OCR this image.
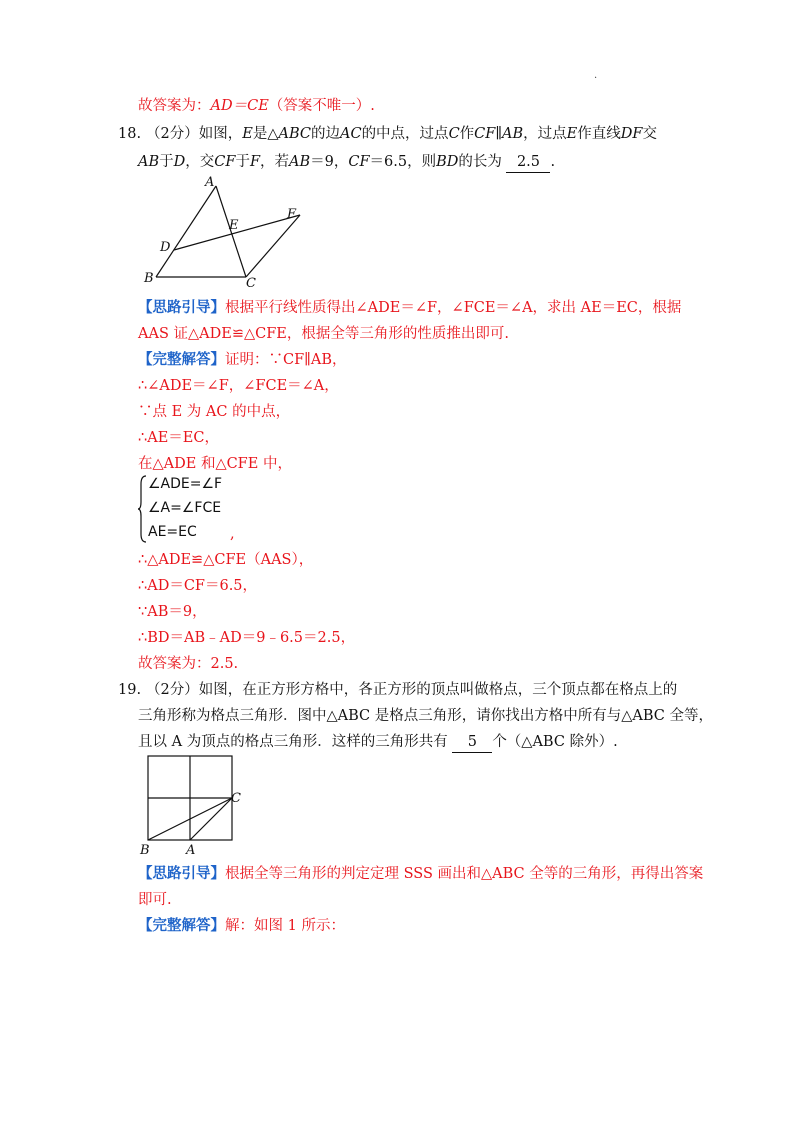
.
故答案为：AD＝CE（答案不唯一）.
18. （2分）如图，E是△ABC的边AC的中点，过点C作CF∥AB，过点E作直线DF交
AB于D，交CF于F，若AB＝9，CF＝6.5，则BD的长为 2.5 .
A
B	C
D
E
F
【思路引导】根据平行线性质得出∠ADE＝∠F，∠FCE＝∠A，求出 AE＝EC，根据
AAS 证△ADE≌△CFE，根据全等三角形的性质推出即可.
【完整解答】证明：∵CF∥AB，
∴∠ADE＝∠F，∠FCE＝∠A，
∵点 E 为 AC 的中点，
∴AE＝EC，
在△ADE 和△CFE 中，
∠ADE=∠F
∠A=∠FCE
AE=EC ,
∴△ADE≌△CFE（AAS），
∴AD＝CF＝6.5，
∵AB＝9，
∴BD＝AB﹣AD＝9﹣6.5＝2.5，
故答案为：2.5.
19. （2分）如图，在正方形方格中，各正方形的顶点叫做格点，三个顶点都在格点上的
三角形称为格点三角形．图中△ABC 是格点三角形，请你找出方格中所有与△ABC 全等，
且以 A 为顶点的格点三角形．这样的三角形共有 5 个（△ABC 除外）.
B	A
C
【思路引导】根据全等三角形的判定定理 SSS 画出和△ABC 全等的三角形，再得出答案
即可.
【完整解答】解：如图 1 所示：
